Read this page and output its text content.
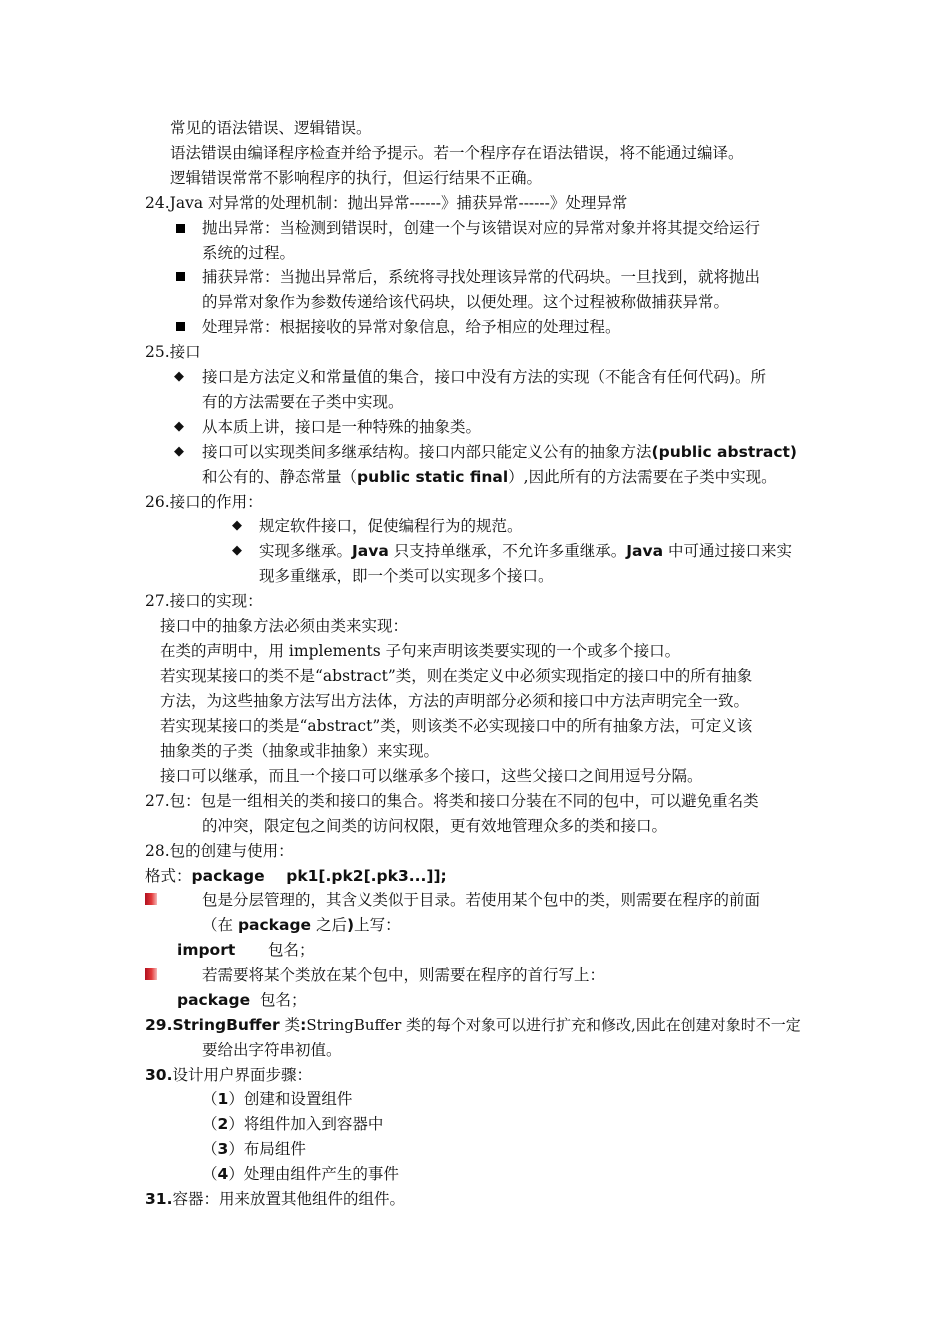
常见的语法错误、逻辑错误。
语法错误由编译程序检查并给予提示。若一个程序存在语法错误，将不能通过编译。
逻辑错误常常不影响程序的执行，但运行结果不正确。
24.Java 对异常的处理机制：抛出异常------》捕获异常------》处理异常
抛出异常：当检测到错误时，创建一个与该错误对应的异常对象并将其提交给运行
系统的过程。
捕获异常：当抛出异常后，系统将寻找处理该异常的代码块。一旦找到，就将抛出
的异常对象作为参数传递给该代码块，以便处理。这个过程被称做捕获异常。
处理异常：根据接收的异常对象信息，给予相应的处理过程。
25.接口
◆ 接口是方法定义和常量值的集合，接口中没有方法的实现（不能含有任何代码)。所
有的方法需要在子类中实现。
◆ 从本质上讲，接口是一种特殊的抽象类。
◆ 接口可以实现类间多继承结构。接口内部只能定义公有的抽象方法(public abstract)
和公有的、静态常量（public static final）,因此所有的方法需要在子类中实现。
26.接口的作用：
◆ 规定软件接口，促使编程行为的规范。
◆ 实现多继承。Java 只支持单继承，不允许多重继承。Java 中可通过接口来实
现多重继承，即一个类可以实现多个接口。
27.接口的实现：
接口中的抽象方法必须由类来实现：
在类的声明中，用 implements 子句来声明该类要实现的一个或多个接口。
若实现某接口的类不是“abstract”类，则在类定义中必须实现指定的接口中的所有抽象
方法，为这些抽象方法写出方法体，方法的声明部分必须和接口中方法声明完全一致。
若实现某接口的类是“abstract”类，则该类不必实现接口中的所有抽象方法，可定义该
抽象类的子类（抽象或非抽象）来实现。
接口可以继承，而且一个接口可以继承多个接口，这些父接口之间用逗号分隔。
27.包：包是一组相关的类和接口的集合。将类和接口分装在不同的包中，可以避免重名类
的冲突，限定包之间类的访问权限，更有效地管理众多的类和接口。
28.包的创建与使用：
格式：package    pk1[.pk2[.pk3...]];
包是分层管理的，其含义类似于目录。若使用某个包中的类，则需要在程序的前面
（在 package 之后)上写：
import 包名；
若需要将某个类放在某个包中，则需要在程序的首行写上：
package 包名；
29.StringBuffer 类:StringBuffer 类的每个对象可以进行扩充和修改,因此在创建对象时不一定
要给出字符串初值。
30.设计用户界面步骤：
（1）创建和设置组件
（2）将组件加入到容器中
（3）布局组件
（4）处理由组件产生的事件
31.容器：用来放置其他组件的组件。
